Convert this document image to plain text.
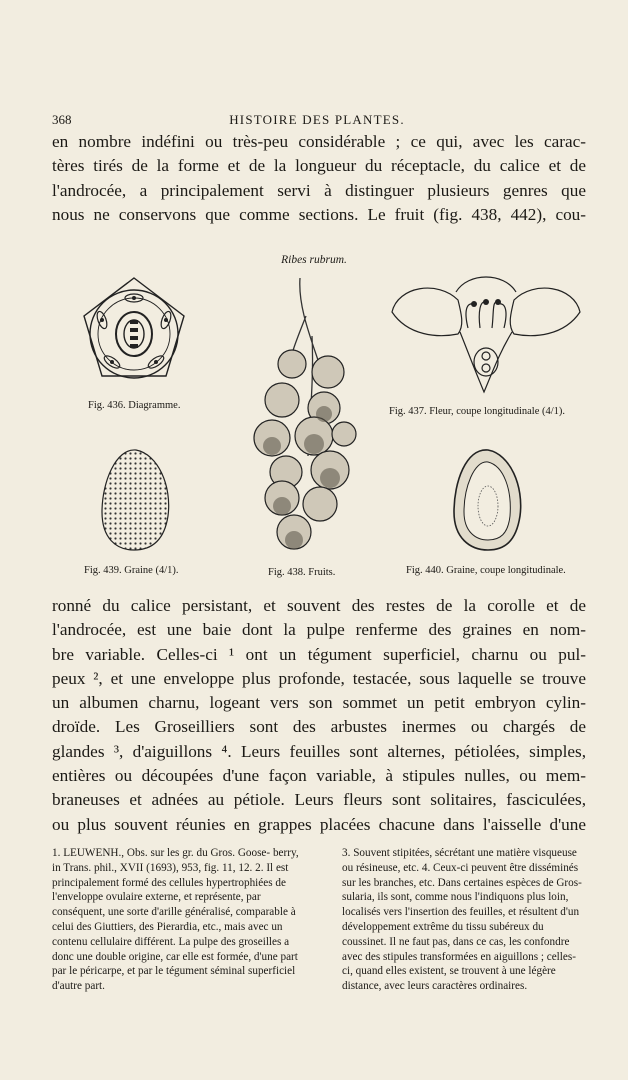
368	HISTOIRE DES PLANTES.
en nombre indéfini ou très-peu considérable ; ce qui, avec les carac-
tères tirés de la forme et de la longueur du réceptacle, du calice et de
l'androcée, a principalement servi à distinguer plusieurs genres que
nous ne conservons que comme sections. Le fruit (fig. 438, 442), cou-
Ribes rubrum.
Fig. 436. Diagramme.
Fig. 438. Fruits.
Fig. 437. Fleur, coupe longitudinale (4/1).
Fig. 439. Graine (4/1).	Fig. 440. Graine, coupe longitudinale.
ronné du calice persistant, et souvent des restes de la corolle et de
l'androcée, est une baie dont la pulpe renferme des graines en nom-
bre variable. Celles-ci ¹ ont un tégument superficiel, charnu ou pul-
peux ², et une enveloppe plus profonde, testacée, sous laquelle se trouve
un albumen charnu, logeant vers son sommet un petit embryon cylin-
droïde. Les Groseilliers sont des arbustes inermes ou chargés de
glandes ³, d'aiguillons ⁴. Leurs feuilles sont alternes, pétiolées, simples,
entières ou découpées d'une façon variable, à stipules nulles, ou mem-
braneuses et adnées au pétiole. Leurs fleurs sont solitaires, fasciculées,
ou plus souvent réunies en grappes placées chacune dans l'aisselle d'une
1. LEUWENH., Obs. sur les gr. du Gros. Goose- berry, in Trans. phil., XVII (1693), 953, fig. 11, 12. 2. Il est principalement formé des cellules hypertrophiées de l'enveloppe ovulaire externe, et représente, par conséquent, une sorte d'arille généralisé, comparable à celui des Giuttiers, des Pierardia, etc., mais avec un contenu cellulaire différent. La pulpe des groseilles a donc une double origine, car elle est formée, d'une part par le péricarpe, et par le tégument séminal superficiel d'autre part.
3. Souvent stipitées, sécrétant une matière visqueuse ou résineuse, etc. 4. Ceux-ci peuvent être disséminés sur les branches, etc. Dans certaines espèces de Gros- sularia, ils sont, comme nous l'indiquons plus loin, localisés vers l'insertion des feuilles, et résultent d'un développement extrême du tissu subéreux du coussinet. Il ne faut pas, dans ce cas, les confondre avec des stipules transformées en aiguillons ; celles-ci, quand elles existent, se trouvent à une légère distance, avec leurs caractères ordinaires.
